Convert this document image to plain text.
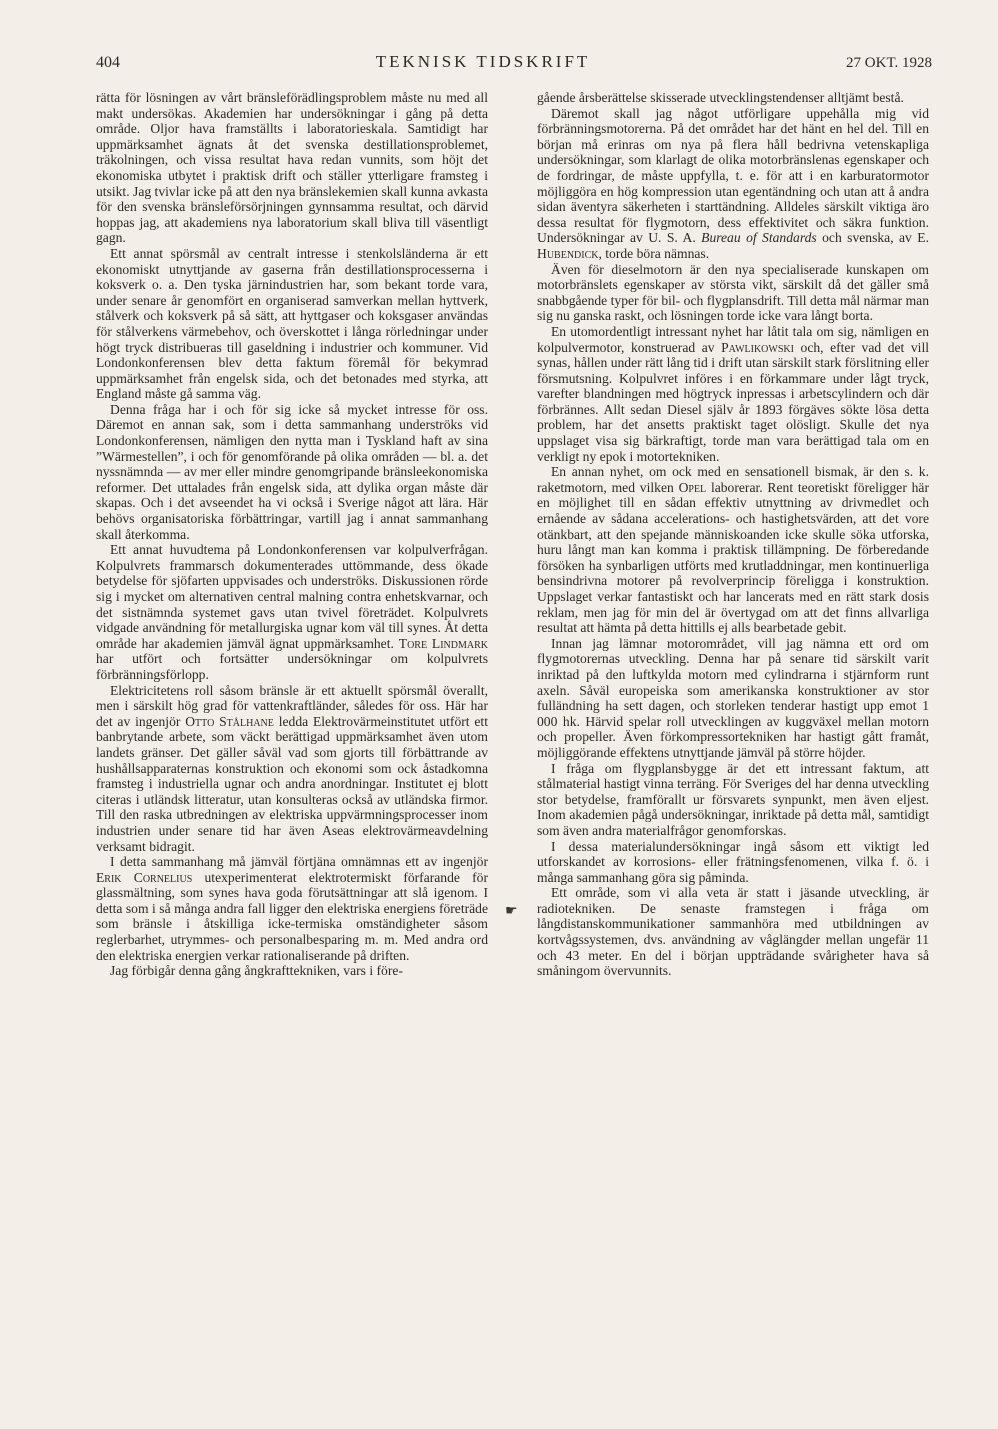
404	TEKNISK TIDSKRIFT	27 OKT. 1928

rätta för lösningen av vårt bränsleförädlingsproblem måste nu med all makt undersökas. Akademien har undersökningar i gång på detta område. Oljor hava framställts i laboratorieskala. Samtidigt har uppmärksamhet ägnats åt det svenska destillationsproblemet, träkolningen, och vissa resultat hava redan vunnits, som höjt det ekonomiska utbytet i praktisk drift och ställer ytterligare framsteg i utsikt. Jag tvivlar icke på att den nya bränslekemien skall kunna avkasta för den svenska bränsleförsörjningen gynnsamma resultat, och därvid hoppas jag, att akademiens nya laboratorium skall bliva till väsentligt gagn.

Ett annat spörsmål av centralt intresse i stenkolsländerna är ett ekonomiskt utnyttjande av gaserna från destillationsprocesserna i koksverk o. a. Den tyska järnindustrien har, som bekant torde vara, under senare år genomfört en organiserad samverkan mellan hyttverk, stålverk och koksverk på så sätt, att hyttgaser och koksgaser användas för stålverkens värmebehov, och överskottet i långa rörledningar under högt tryck distribueras till gaseldning i industrier och kommuner. Vid Londonkonferensen blev detta faktum föremål för bekymrad uppmärksamhet från engelsk sida, och det betonades med styrka, att England måste gå samma väg.

Denna fråga har i och för sig icke så mycket intresse för oss. Däremot en annan sak, som i detta sammanhang underströks vid Londonkonferensen, nämligen den nytta man i Tyskland haft av sina ”Wärmestellen”, i och för genomförande på olika områden — bl. a. det nyssnämnda — av mer eller mindre genomgripande bränsleekonomiska reformer. Det uttalades från engelsk sida, att dylika organ måste där skapas. Och i det avseendet ha vi också i Sverige något att lära. Här behövs organisatoriska förbättringar, vartill jag i annat sammanhang skall återkomma.

Ett annat huvudtema på Londonkonferensen var kolpulverfrågan. Kolpulvrets frammarsch dokumenterades uttömmande, dess ökade betydelse för sjöfarten uppvisades och underströks. Diskussionen rörde sig i mycket om alternativen central malning contra enhetskvarnar, och det sistnämnda systemet gavs utan tvivel företrädet. Kolpulvrets vidgade användning för metallurgiska ugnar kom väl till synes. Åt detta område har akademien jämväl ägnat uppmärksamhet. Tore Lindmark har utfört och fortsätter undersökningar om kolpulvrets förbränningsförlopp.

Elektricitetens roll såsom bränsle är ett aktuellt spörsmål överallt, men i särskilt hög grad för vattenkraftländer, således för oss. Här har det av ingenjör Otto Stålhane ledda Elektrovärmeinstitutet utfört ett banbrytande arbete, som väckt berättigad uppmärksamhet även utom landets gränser. Det gäller såväl vad som gjorts till förbättrande av hushållsapparaternas konstruktion och ekonomi som ock åstadkomna framsteg i industriella ugnar och andra anordningar. Institutet ej blott citeras i utländsk litteratur, utan konsulteras också av utländska firmor. Till den raska utbredningen av elektriska uppvärmningsprocesser inom industrien under senare tid har även Aseas elektrovärmeavdelning verksamt bidragit.

I detta sammanhang må jämväl förtjäna omnämnas ett av ingenjör Erik Cornelius utexperimenterat elektrotermiskt förfarande för glassmältning, som synes hava goda förutsättningar att slå igenom. I detta som i så många andra fall ligger den elektriska energiens företräde som bränsle i åtskilliga icke-termiska omständigheter såsom reglerbarhet, utrymmes- och personalbesparing m. m. Med andra ord den elektriska energien verkar rationaliserande på driften.

Jag förbigår denna gång ångkrafttekniken, vars i före-

gående årsberättelse skisserade utvecklingstendenser alltjämt bestå.

Däremot skall jag något utförligare uppehålla mig vid förbränningsmotorerna. På det området har det hänt en hel del. Till en början må erinras om nya på flera håll bedrivna vetenskapliga undersökningar, som klarlagt de olika motorbränslenas egenskaper och de fordringar, de måste uppfylla, t. e. för att i en karburatormotor möjliggöra en hög kompression utan egentändning och utan att å andra sidan äventyra säkerheten i starttändning. Alldeles särskilt viktiga äro dessa resultat för flygmotorn, dess effektivitet och säkra funktion. Undersökningar av U. S. A. Bureau of Standards och svenska, av E. Hubendick, torde böra nämnas.

Även för dieselmotorn är den nya specialiserade kunskapen om motorbränslets egenskaper av största vikt, särskilt då det gäller små snabbgående typer för bil- och flygplansdrift. Till detta mål närmar man sig nu ganska raskt, och lösningen torde icke vara långt borta.

En utomordentligt intressant nyhet har låtit tala om sig, nämligen en kolpulvermotor, konstruerad av Pawlikowski och, efter vad det vill synas, hållen under rätt lång tid i drift utan särskilt stark förslitning eller försmutsning. Kolpulvret införes i en förkammare under lågt tryck, varefter blandningen med högtryck inpressas i arbetscylindern och där förbrännes. Allt sedan Diesel själv år 1893 förgäves sökte lösa detta problem, har det ansetts praktiskt taget olösligt. Skulle det nya uppslaget visa sig bärkraftigt, torde man vara berättigad tala om en verkligt ny epok i motortekniken.

En annan nyhet, om ock med en sensationell bismak, är den s. k. raketmotorn, med vilken Opel laborerar. Rent teoretiskt föreligger här en möjlighet till en sådan effektiv utnyttning av drivmedlet och ernående av sådana accelerations- och hastighetsvärden, att det vore otänkbart, att den spejande människoanden icke skulle söka utforska, huru långt man kan komma i praktisk tillämpning. De förberedande försöken ha synbarligen utförts med krutladdningar, men kontinuerliga bensindrivna motorer på revolverprincip föreligga i konstruktion. Uppslaget verkar fantastiskt och har lancerats med en rätt stark dosis reklam, men jag för min del är övertygad om att det finns allvarliga resultat att hämta på detta hittills ej alls bearbetade gebit.

Innan jag lämnar motorområdet, vill jag nämna ett ord om flygmotorernas utveckling. Denna har på senare tid särskilt varit inriktad på den luftkylda motorn med cylindrarna i stjärnform runt axeln. Såväl europeiska som amerikanska konstruktioner av stor fulländning ha sett dagen, och storleken tenderar hastigt upp emot 1 000 hk. Härvid spelar roll utvecklingen av kuggväxel mellan motorn och propeller. Även förkompressortekniken har hastigt gått framåt, möjliggörande effektens utnyttjande jämväl på större höjder.

I fråga om flygplansbygge är det ett intressant faktum, att stålmaterial hastigt vinna terräng. För Sveriges del har denna utveckling stor betydelse, framförallt ur försvarets synpunkt, men även eljest. Inom akademien pågå undersökningar, inriktade på detta mål, samtidigt som även andra materialfrågor genomforskas.

I dessa materialundersökningar ingå såsom ett viktigt led utforskandet av korrosions- eller frätningsfenomenen, vilka f. ö. i många sammanhang göra sig påminda.

Ett område, som vi alla veta är statt i jäsande utveckling, är radiotekniken. De senaste framstegen i fråga om långdistanskommunikationer sammanhöra med utbildningen av kortvågssystemen, dvs. användning av våglängder mellan ungefär 11 och 43 meter. En del i början uppträdande svårigheter hava så småningom övervunnits.

☛
